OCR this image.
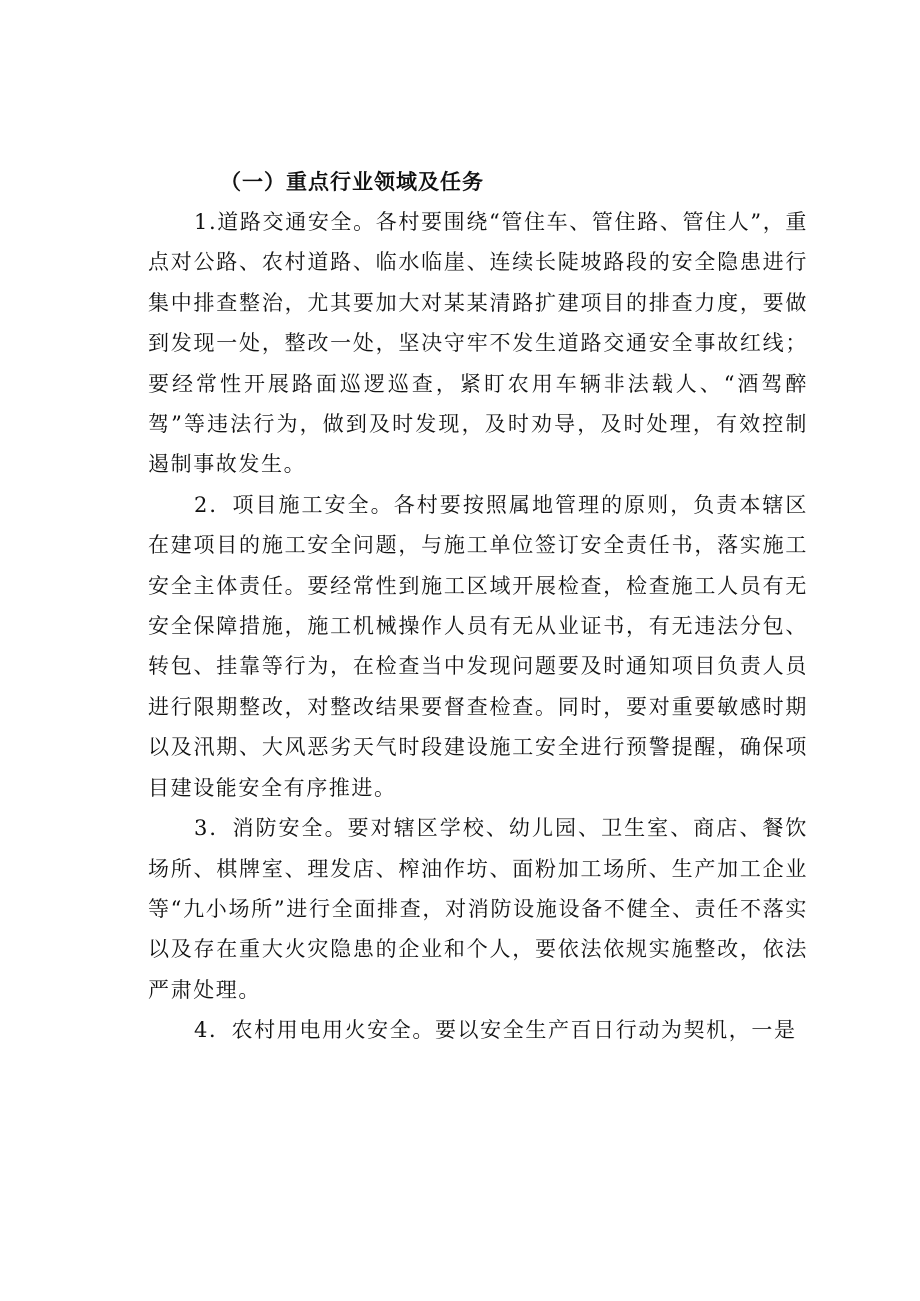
（一）重点行业领域及任务

1.道路交通安全。各村要围绕“管住车、管住路、管住人”，重点对公路、农村道路、临水临崖、连续长陡坡路段的安全隐患进行集中排查整治，尤其要加大对某某清路扩建项目的排查力度，要做到发现一处，整改一处，坚决守牢不发生道路交通安全事故红线；要经常性开展路面巡逻巡查，紧盯农用车辆非法载人、“酒驾醉驾”等违法行为，做到及时发现，及时劝导，及时处理，有效控制遏制事故发生。

2．项目施工安全。各村要按照属地管理的原则，负责本辖区在建项目的施工安全问题，与施工单位签订安全责任书，落实施工安全主体责任。要经常性到施工区域开展检查，检查施工人员有无安全保障措施，施工机械操作人员有无从业证书，有无违法分包、转包、挂靠等行为，在检查当中发现问题要及时通知项目负责人员进行限期整改，对整改结果要督查检查。同时，要对重要敏感时期以及汛期、大风恶劣天气时段建设施工安全进行预警提醒，确保项目建设能安全有序推进。

3．消防安全。要对辖区学校、幼儿园、卫生室、商店、餐饮场所、棋牌室、理发店、榨油作坊、面粉加工场所、生产加工企业等“九小场所”进行全面排查，对消防设施设备不健全、责任不落实以及存在重大火灾隐患的企业和个人，要依法依规实施整改，依法严肃处理。

4．农村用电用火安全。要以安全生产百日行动为契机，一是
